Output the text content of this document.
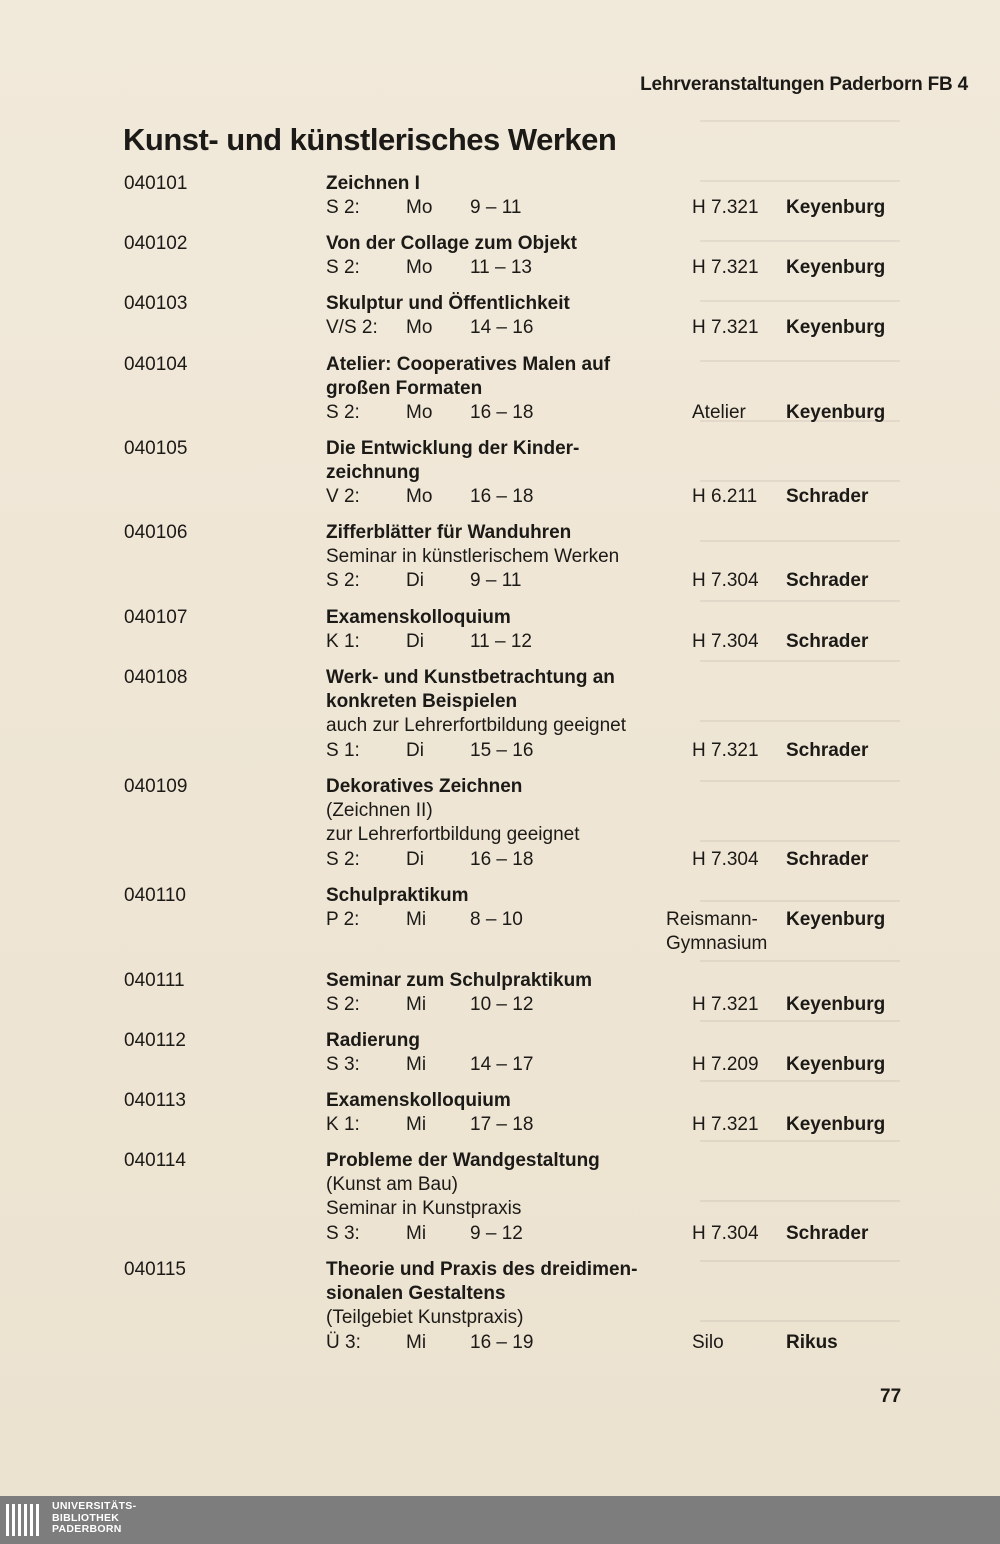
Lehrveranstaltungen Paderborn FB 4
Kunst- und künstlerisches Werken
040101	Zeichnen I
S 2: Mo 9 – 11	H 7.321 Keyenburg
040102	Von der Collage zum Objekt
S 2: Mo 11 – 13	H 7.321 Keyenburg
040103	Skulptur und Öffentlichkeit
V/S 2: Mo 14 – 16	H 7.321 Keyenburg
040104	Atelier: Cooperatives Malen auf
großen Formaten
S 2: Mo 16 – 18	Atelier Keyenburg
040105	Die Entwicklung der Kinder-
zeichnung
V 2: Mo 16 – 18	H 6.211 Schrader
040106	Zifferblätter für Wanduhren
Seminar in künstlerischem Werken
S 2: Di 9 – 11	H 7.304 Schrader
040107	Examenskolloquium
K 1: Di 11 – 12	H 7.304 Schrader
040108	Werk- und Kunstbetrachtung an
konkreten Beispielen
auch zur Lehrerfortbildung geeignet
S 1: Di 15 – 16	H 7.321 Schrader
040109	Dekoratives Zeichnen
(Zeichnen II)
zur Lehrerfortbildung geeignet
S 2: Di 16 – 18	H 7.304 Schrader
040110	Schulpraktikum
P 2: Mi 8 – 10	Reismann- Keyenburg
Gymnasium
040111	Seminar zum Schulpraktikum
S 2: Mi 10 – 12	H 7.321 Keyenburg
040112	Radierung
S 3: Mi 14 – 17	H 7.209 Keyenburg
040113	Examenskolloquium
K 1: Mi 17 – 18	H 7.321 Keyenburg
040114	Probleme der Wandgestaltung
(Kunst am Bau)
Seminar in Kunstpraxis
S 3: Mi 9 – 12	H 7.304 Schrader
040115	Theorie und Praxis des dreidimen-
sionalen Gestaltens
(Teilgebiet Kunstpraxis)
Ü 3: Mi 16 – 19	Silo	Rikus
77
UNIVERSITÄTS-
BIBLIOTHEK
PADERBORN
